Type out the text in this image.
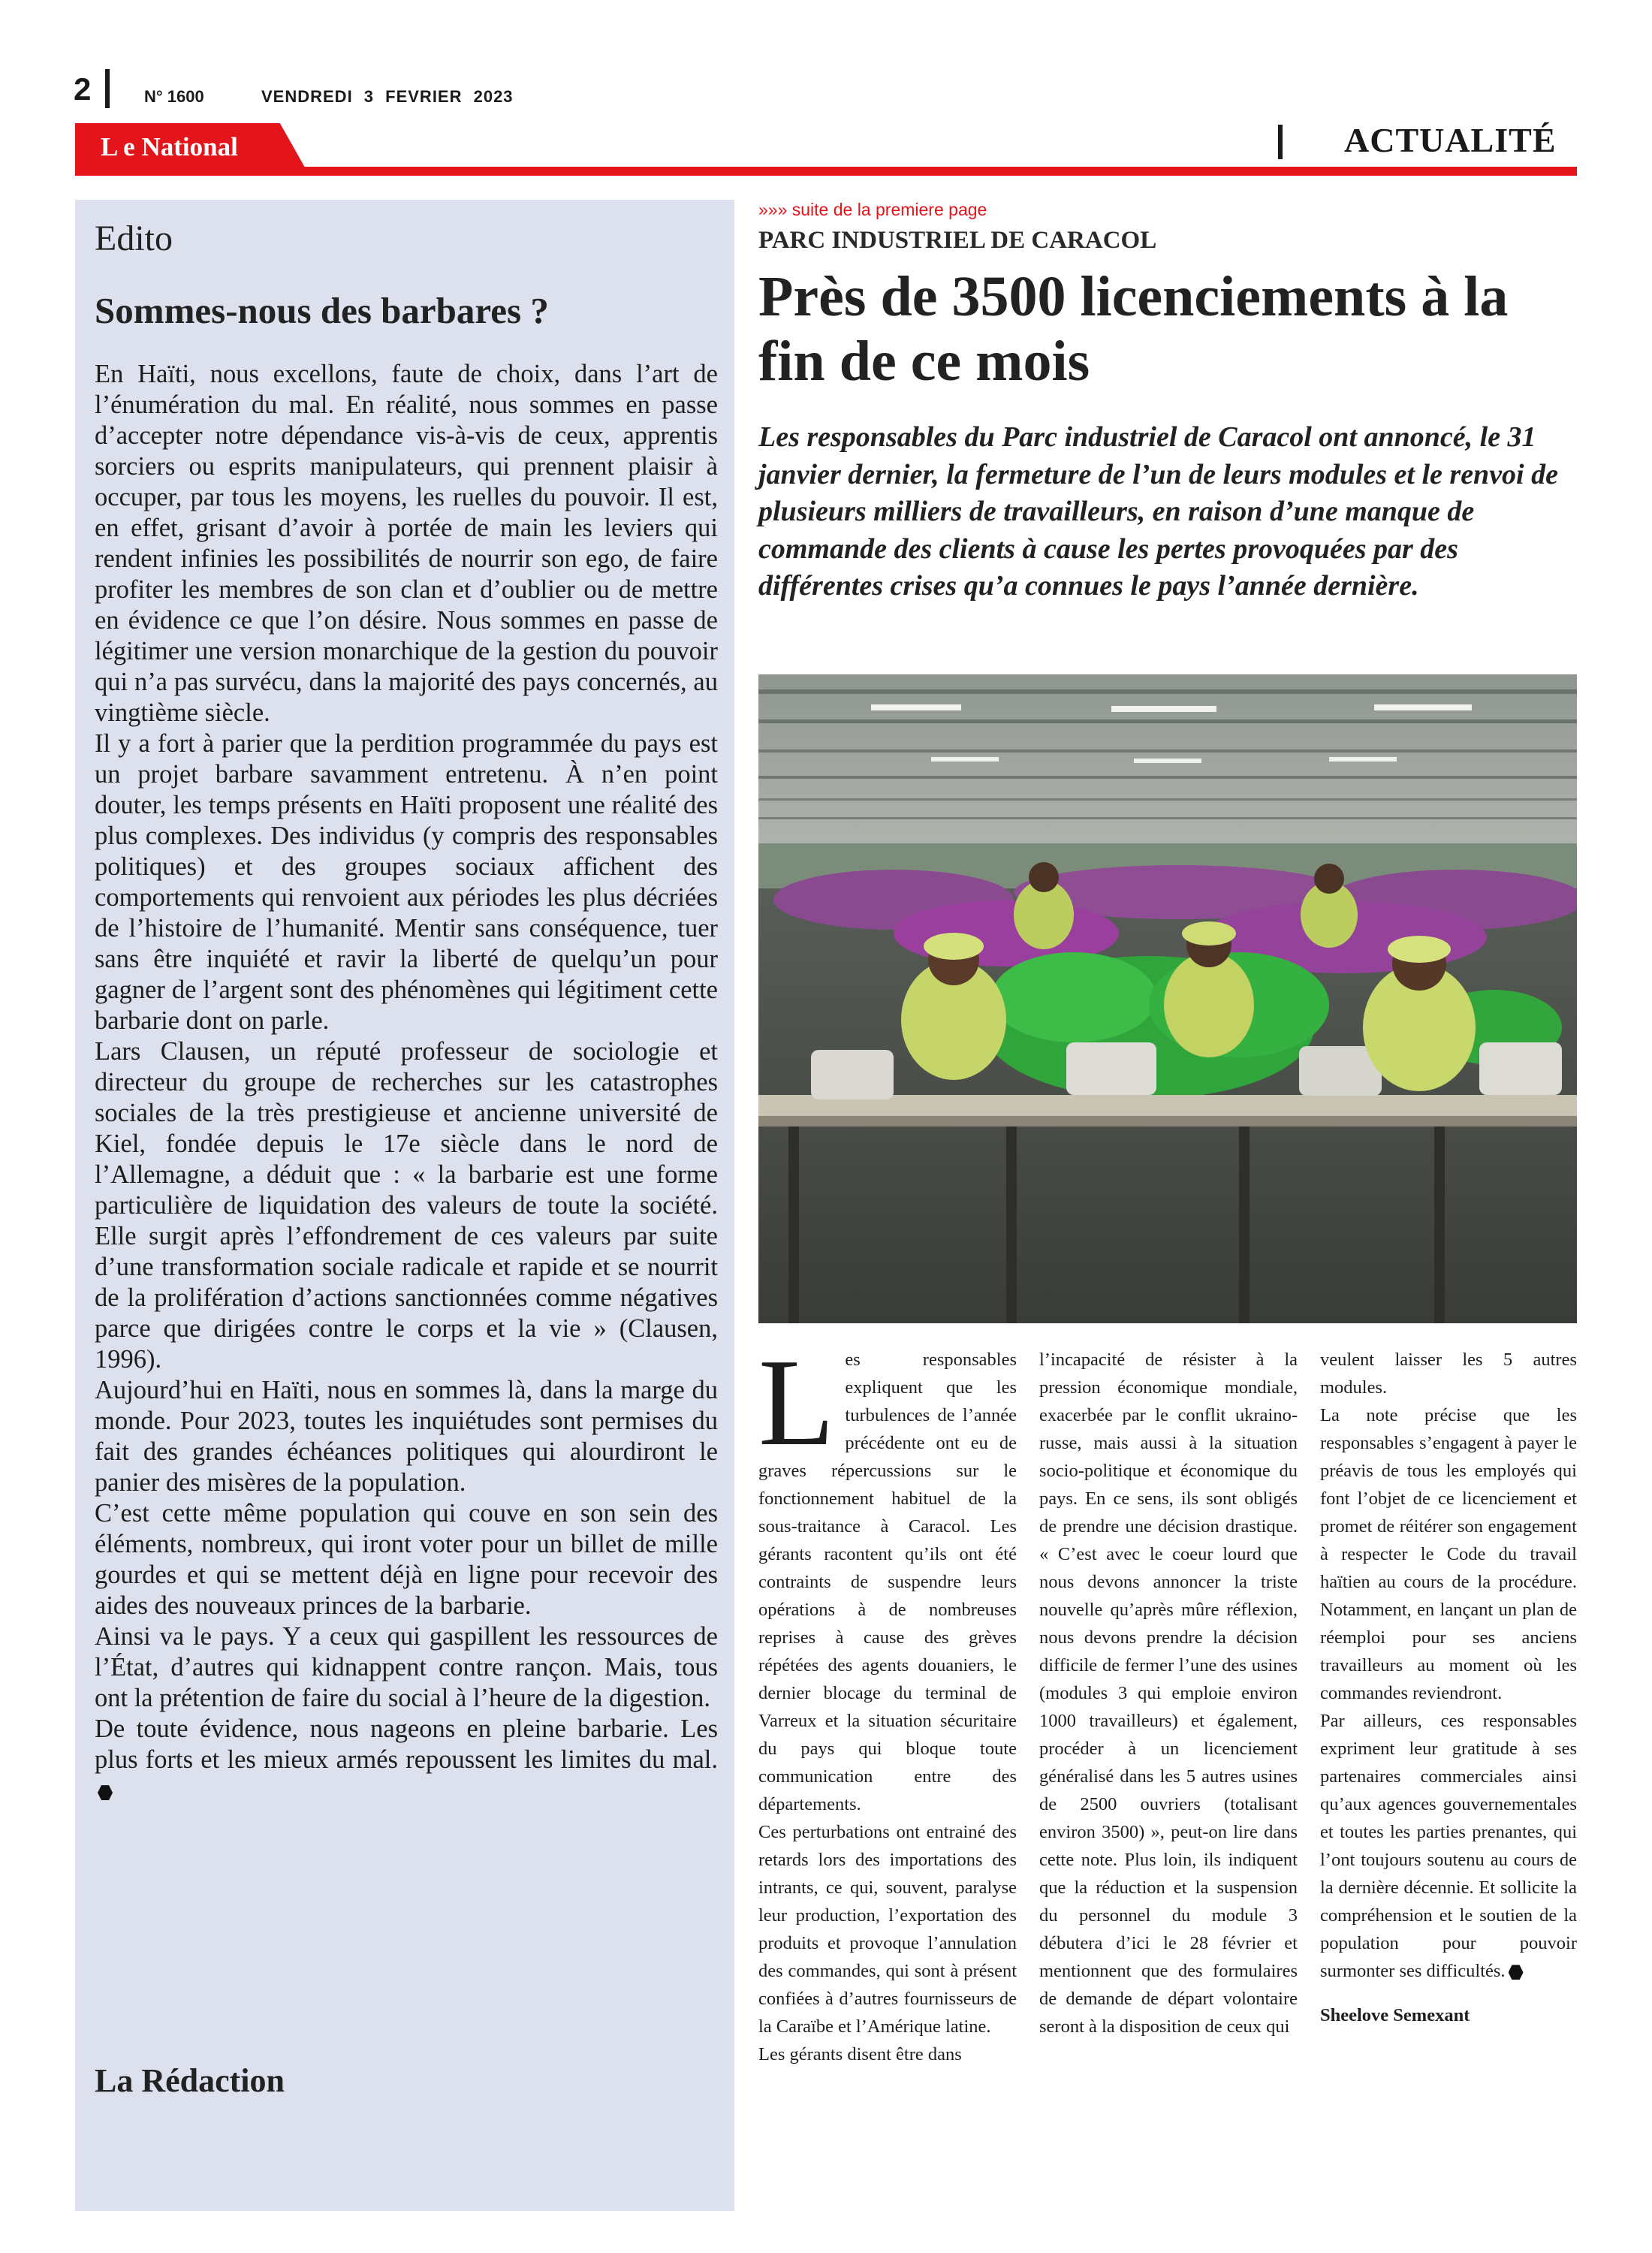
2	N° 1600	VENDREDI 3 FEVRIER 2023
L e National	ACTUALITÉ
Edito
Sommes-nous des barbares ?

En Haïti, nous excellons, faute de choix, dans l’art de l’énumération du mal. En réalité, nous sommes en passe d’accepter notre dépendance vis-à-vis de ceux, apprentis sorciers ou esprits manipulateurs, qui prennent plaisir à occuper, par tous les moyens, les ruelles du pouvoir. Il est, en effet, grisant d’avoir à portée de main les leviers qui rendent infinies les possibilités de nourrir son ego, de faire profiter les membres de son clan et d’oublier ou de mettre en évidence ce que l’on désire. Nous sommes en passe de légitimer une version monarchique de la gestion du pouvoir qui n’a pas survécu, dans la majorité des pays concernés, au vingtième siècle.

Il y a fort à parier que la perdition programmée du pays est un projet barbare savamment entretenu. À n’en point douter, les temps présents en Haïti proposent une réalité des plus complexes. Des individus (y compris des responsables politiques) et des groupes sociaux affichent des comportements qui renvoient aux périodes les plus décriées de l’histoire de l’humanité. Mentir sans conséquence, tuer sans être inquiété et ravir la liberté de quelqu’un pour gagner de l’argent sont des phénomènes qui légitiment cette barbarie dont on parle.

Lars Clausen, un réputé professeur de sociologie et directeur du groupe de recherches sur les catastrophes sociales de la très prestigieuse et ancienne université de Kiel, fondée depuis le 17e siècle dans le nord de l’Allemagne, a déduit que : « la barbarie est une forme particulière de liquidation des valeurs de toute la société. Elle surgit après l’effondrement de ces valeurs par suite d’une transformation sociale radicale et rapide et se nourrit de la prolifération d’actions sanctionnées comme négatives parce que dirigées contre le corps et la vie » (Clausen, 1996).

Aujourd’hui en Haïti, nous en sommes là, dans la marge du monde. Pour 2023, toutes les inquiétudes sont permises du fait des grandes échéances politiques qui alourdiront le panier des misères de la population.

C’est cette même population qui couve en son sein des éléments, nombreux, qui iront voter pour un billet de mille gourdes et qui se mettent déjà en ligne pour recevoir des aides des nouveaux princes de la barbarie.

Ainsi va le pays. Y a ceux qui gaspillent les ressources de l’État, d’autres qui kidnappent contre rançon. Mais, tous ont la prétention de faire du social à l’heure de la digestion.

De toute évidence, nous nageons en pleine barbarie. Les plus forts et les mieux armés repoussent les limites du mal.

La Rédaction
»»» suite de la premiere page
PARC INDUSTRIEL DE CARACOL
Près de 3500 licenciements à la fin de ce mois
Les responsables du Parc industriel de Caracol ont annoncé, le 31 janvier dernier, la fermeture de l’un de leurs modules et le renvoi de plusieurs milliers de travailleurs, en raison d’une manque de commande des clients à cause les pertes provoquées par des différentes crises qu’a connues le pays l’année dernière.

Les responsables expliquent que les turbulences de l’année précédente ont eu de graves répercussions sur le fonctionnement habituel de la sous-traitance à Caracol. Les gérants racontent qu’ils ont été contraints de suspendre leurs opérations à de nombreuses reprises à cause des grèves répétées des agents douaniers, le dernier blocage du terminal de Varreux et la situation sécuritaire du pays qui bloque toute communication entre des départements.

Ces perturbations ont entrainé des retards lors des importations des intrants, ce qui, souvent, paralyse leur production, l’exportation des produits et provoque l’annulation des commandes, qui sont à présent confiées à d’autres fournisseurs de la Caraïbe et l’Amérique latine.

Les gérants disent être dans

l’incapacité de résister à la pression économique mondiale, exacerbée par le conflit ukraino-russe, mais aussi à la situation socio-politique et économique du pays. En ce sens, ils sont obligés de prendre une décision drastique. « C’est avec le coeur lourd que nous devons annoncer la triste nouvelle qu’après mûre réflexion, nous devons prendre la décision difficile de fermer l’une des usines (modules 3 qui emploie environ 1000 travailleurs) et également, procéder à un licenciement généralisé dans les 5 autres usines de 2500 ouvriers (totalisant environ 3500) », peut-on lire dans cette note. Plus loin, ils indiquent que la réduction et la suspension du personnel du module 3 débutera d’ici le 28 février et mentionnent que des formulaires de demande de départ volontaire seront à la disposition de ceux qui

veulent laisser les 5 autres modules.

La note précise que les responsables s’engagent à payer le préavis de tous les employés qui font l’objet de ce licenciement et promet de réitérer son engagement à respecter le Code du travail haïtien au cours de la procédure. Notamment, en lançant un plan de réemploi pour ses anciens travailleurs au moment où les commandes reviendront.

Par ailleurs, ces responsables expriment leur gratitude à ses partenaires commerciales ainsi qu’aux agences gouvernementales et toutes les parties prenantes, qui l’ont toujours soutenu au cours de la dernière décennie. Et sollicite la compréhension et le soutien de la population pour pouvoir surmonter ses difficultés.

Sheelove Semexant
